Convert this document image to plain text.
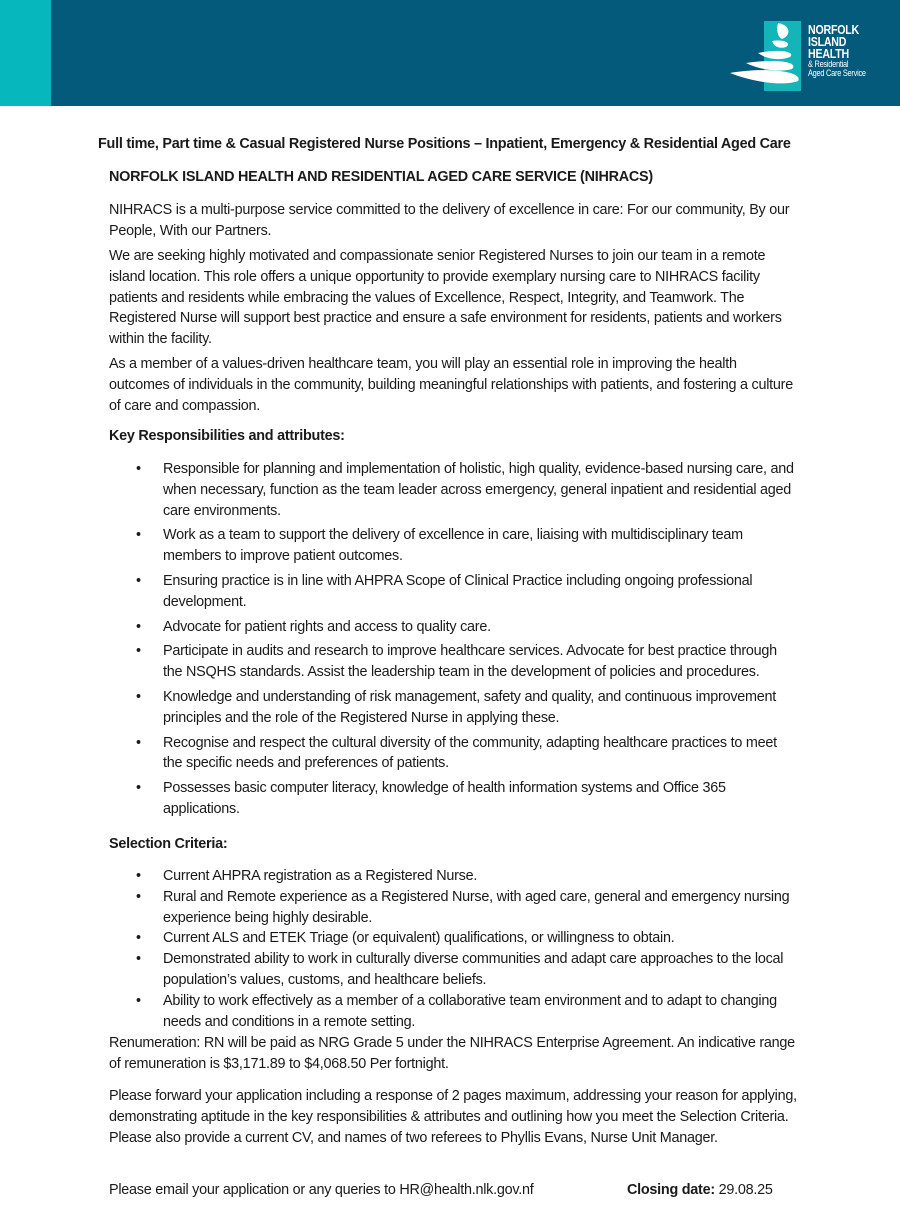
NORFOLK
ISLAND
HEALTH
& Residential
Aged Care Service
Full time, Part time & Casual Registered Nurse Positions – Inpatient, Emergency & Residential Aged Care
NORFOLK ISLAND HEALTH AND RESIDENTIAL AGED CARE SERVICE (NIHRACS)

NIHRACS is a multi-purpose service committed to the delivery of excellence in care: For our community, By our People, With our Partners.

We are seeking highly motivated and compassionate senior Registered Nurses to join our team in a remote island location. This role offers a unique opportunity to provide exemplary nursing care to NIHRACS facility patients and residents while embracing the values of Excellence, Respect, Integrity, and Teamwork. The Registered Nurse will support best practice and ensure a safe environment for residents, patients and workers within the facility.

As a member of a values-driven healthcare team, you will play an essential role in improving the health outcomes of individuals in the community, building meaningful relationships with patients, and fostering a culture of care and compassion.

Key Responsibilities and attributes:
• Responsible for planning and implementation of holistic, high quality, evidence-based nursing care, and when necessary, function as the team leader across emergency, general inpatient and residential aged care environments.
• Work as a team to support the delivery of excellence in care, liaising with multidisciplinary team members to improve patient outcomes.
• Ensuring practice is in line with AHPRA Scope of Clinical Practice including ongoing professional development.
• Advocate for patient rights and access to quality care.
• Participate in audits and research to improve healthcare services. Advocate for best practice through the NSQHS standards. Assist the leadership team in the development of policies and procedures.
• Knowledge and understanding of risk management, safety and quality, and continuous improvement principles and the role of the Registered Nurse in applying these.
• Recognise and respect the cultural diversity of the community, adapting healthcare practices to meet the specific needs and preferences of patients.
• Possesses basic computer literacy, knowledge of health information systems and Office 365 applications.
Selection Criteria:
• Current AHPRA registration as a Registered Nurse.
• Rural and Remote experience as a Registered Nurse, with aged care, general and emergency nursing experience being highly desirable.
• Current ALS and ETEK Triage (or equivalent) qualifications, or willingness to obtain.
• Demonstrated ability to work in culturally diverse communities and adapt care approaches to the local population’s values, customs, and healthcare beliefs.
• Ability to work effectively as a member of a collaborative team environment and to adapt to changing needs and conditions in a remote setting.

Renumeration: RN will be paid as NRG Grade 5 under the NIHRACS Enterprise Agreement. An indicative range of remuneration is $3,171.89 to $4,068.50 Per fortnight.

Please forward your application including a response of 2 pages maximum, addressing your reason for applying, demonstrating aptitude in the key responsibilities & attributes and outlining how you meet the Selection Criteria. Please also provide a current CV, and names of two referees to Phyllis Evans, Nurse Unit Manager.

Please email your application or any queries to HR@health.nlk.gov.nf	Closing date: 29.08.25
